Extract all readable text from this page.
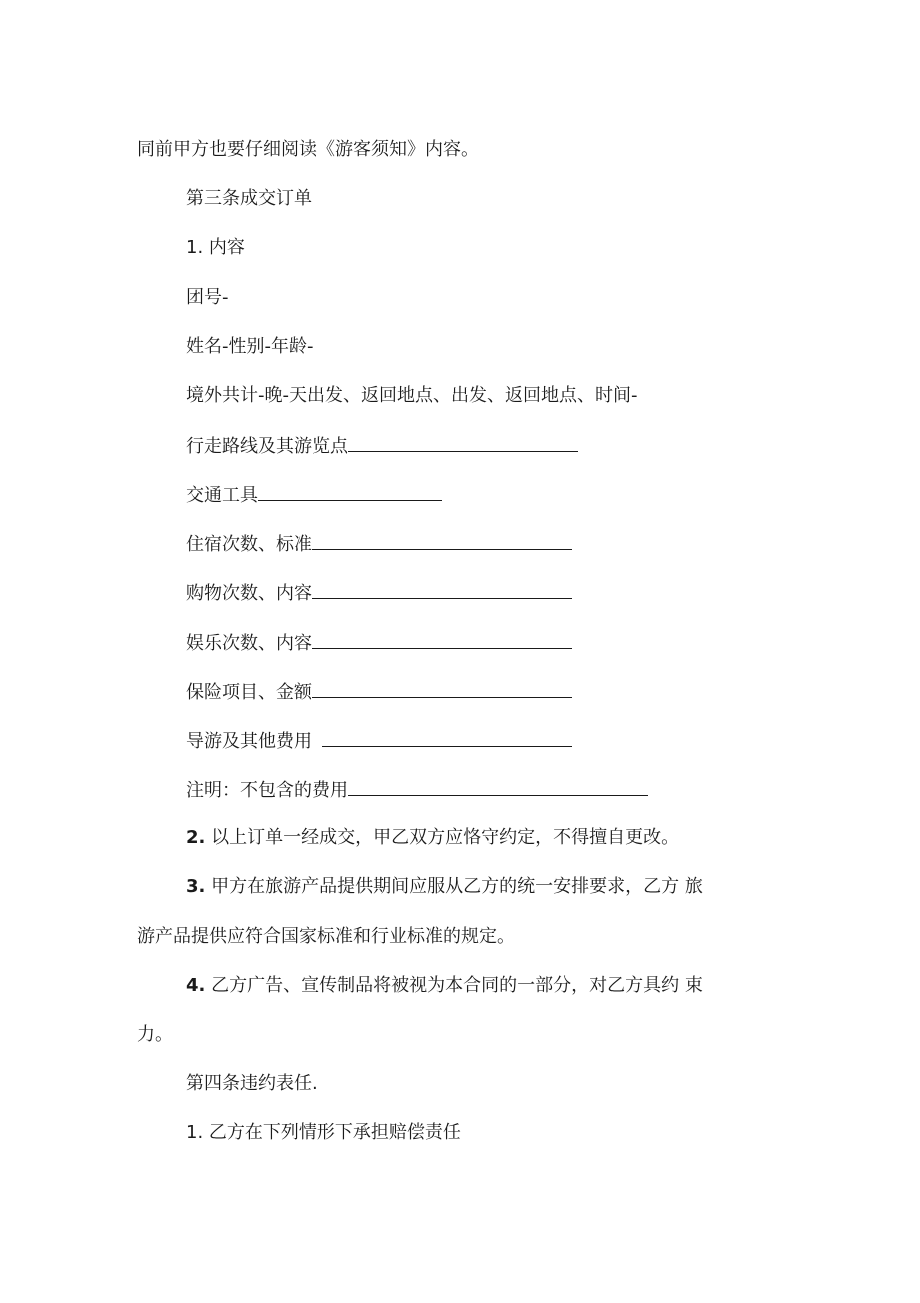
同前甲方也要仔细阅读《游客须知》内容。
第三条成交订单
1. 内容
团号-
姓名-性别-年龄-
境外共计-晚-天出发、返回地点、出发、返回地点、时间-
行走路线及其游览点
交通工具
住宿次数、标准
购物次数、内容
娱乐次数、内容
保险项目、金额
导游及其他费用
注明：不包含的费用
2. 以上订单一经成交，甲乙双方应恪守约定，不得擅自更改。
3. 甲方在旅游产品提供期间应服从乙方的统一安排要求，乙方 旅
游产品提供应符合国家标准和行业标准的规定。
4. 乙方广告、宣传制品将被视为本合同的一部分，对乙方具约 束
力。
第四条违约表任.
1. 乙方在下列情形下承担赔偿责任
